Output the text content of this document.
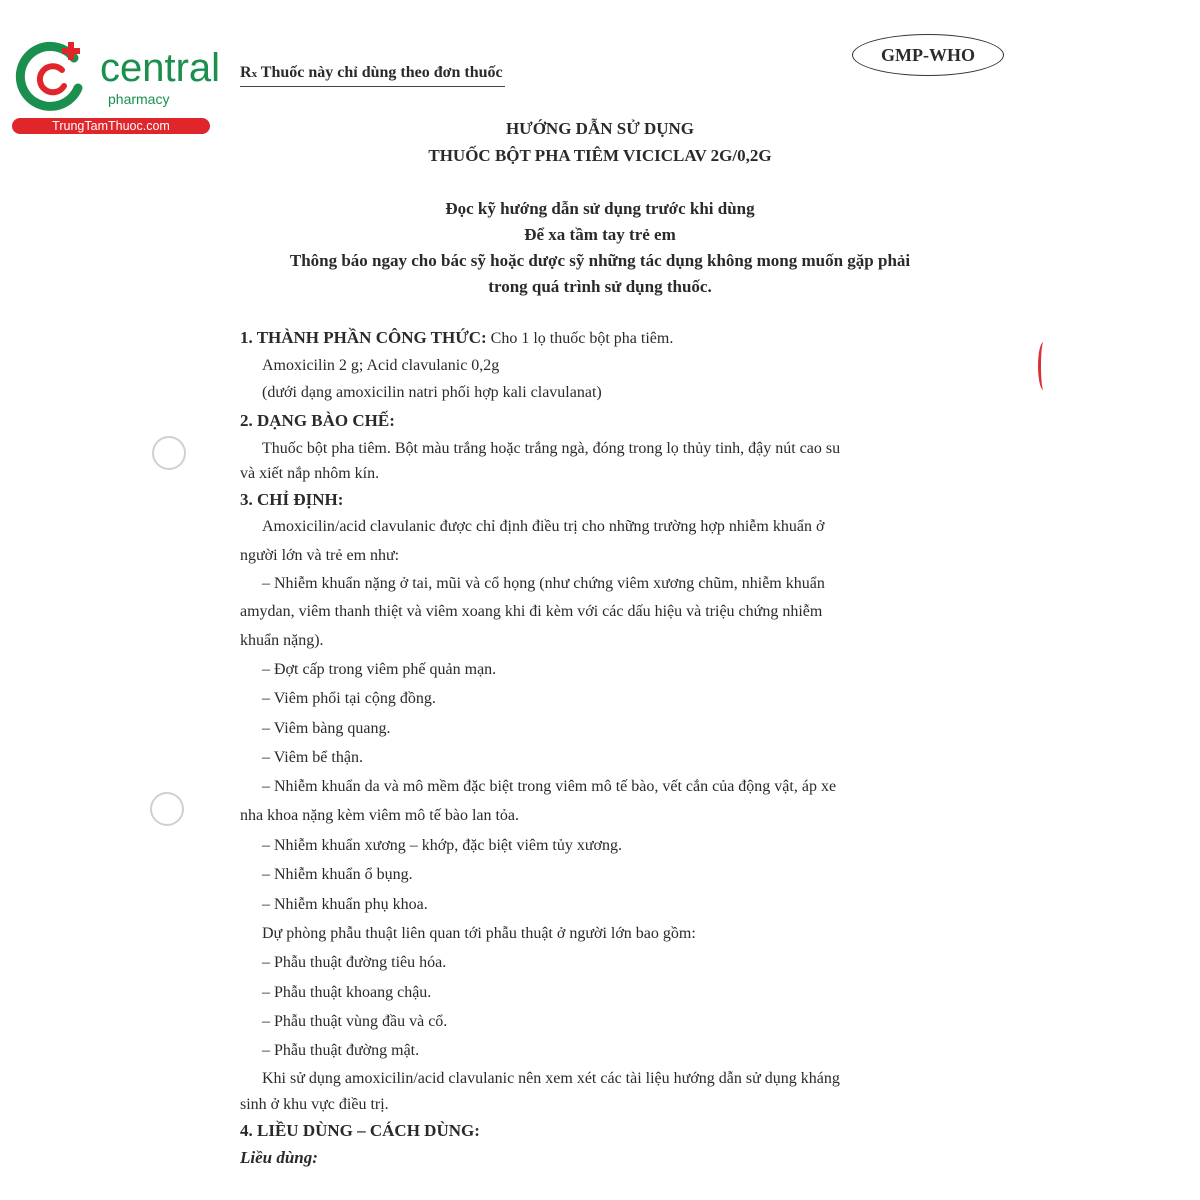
central
pharmacy
TrungTamThuoc.com
Rx Thuốc này chỉ dùng theo đơn thuốc
GMP-WHO
HƯỚNG DẪN SỬ DỤNG
THUỐC BỘT PHA TIÊM VICICLAV 2G/0,2G
Đọc kỹ hướng dẫn sử dụng trước khi dùng
Để xa tầm tay trẻ em
Thông báo ngay cho bác sỹ hoặc dược sỹ những tác dụng không mong muốn gặp phải
trong quá trình sử dụng thuốc.
1. THÀNH PHẦN CÔNG THỨC: Cho 1 lọ thuốc bột pha tiêm.
Amoxicilin 2 g; Acid clavulanic 0,2g
(dưới dạng amoxicilin natri phối hợp kali clavulanat)
2. DẠNG BÀO CHẾ:
Thuốc bột pha tiêm. Bột màu trắng hoặc trắng ngà, đóng trong lọ thủy tinh, đậy nút cao su
và xiết nắp nhôm kín.
3. CHỈ ĐỊNH:
Amoxicilin/acid clavulanic được chỉ định điều trị cho những trường hợp nhiễm khuẩn ở
người lớn và trẻ em như:
– Nhiễm khuẩn nặng ở tai, mũi và cổ họng (như chứng viêm xương chũm, nhiễm khuẩn
amydan, viêm thanh thiệt và viêm xoang khi đi kèm với các dấu hiệu và triệu chứng nhiễm
khuẩn nặng).
– Đợt cấp trong viêm phế quản mạn.
– Viêm phổi tại cộng đồng.
– Viêm bàng quang.
– Viêm bể thận.
– Nhiễm khuẩn da và mô mềm đặc biệt trong viêm mô tế bào, vết cắn của động vật, áp xe
nha khoa nặng kèm viêm mô tế bào lan tỏa.
– Nhiễm khuẩn xương – khớp, đặc biệt viêm tủy xương.
– Nhiễm khuẩn ổ bụng.
– Nhiễm khuẩn phụ khoa.
Dự phòng phẫu thuật liên quan tới phẫu thuật ở người lớn bao gồm:
– Phẫu thuật đường tiêu hóa.
– Phẫu thuật khoang chậu.
– Phẫu thuật vùng đầu và cổ.
– Phẫu thuật đường mật.
Khi sử dụng amoxicilin/acid clavulanic nên xem xét các tài liệu hướng dẫn sử dụng kháng
sinh ở khu vực điều trị.
4. LIỀU DÙNG – CÁCH DÙNG:
Liều dùng:
